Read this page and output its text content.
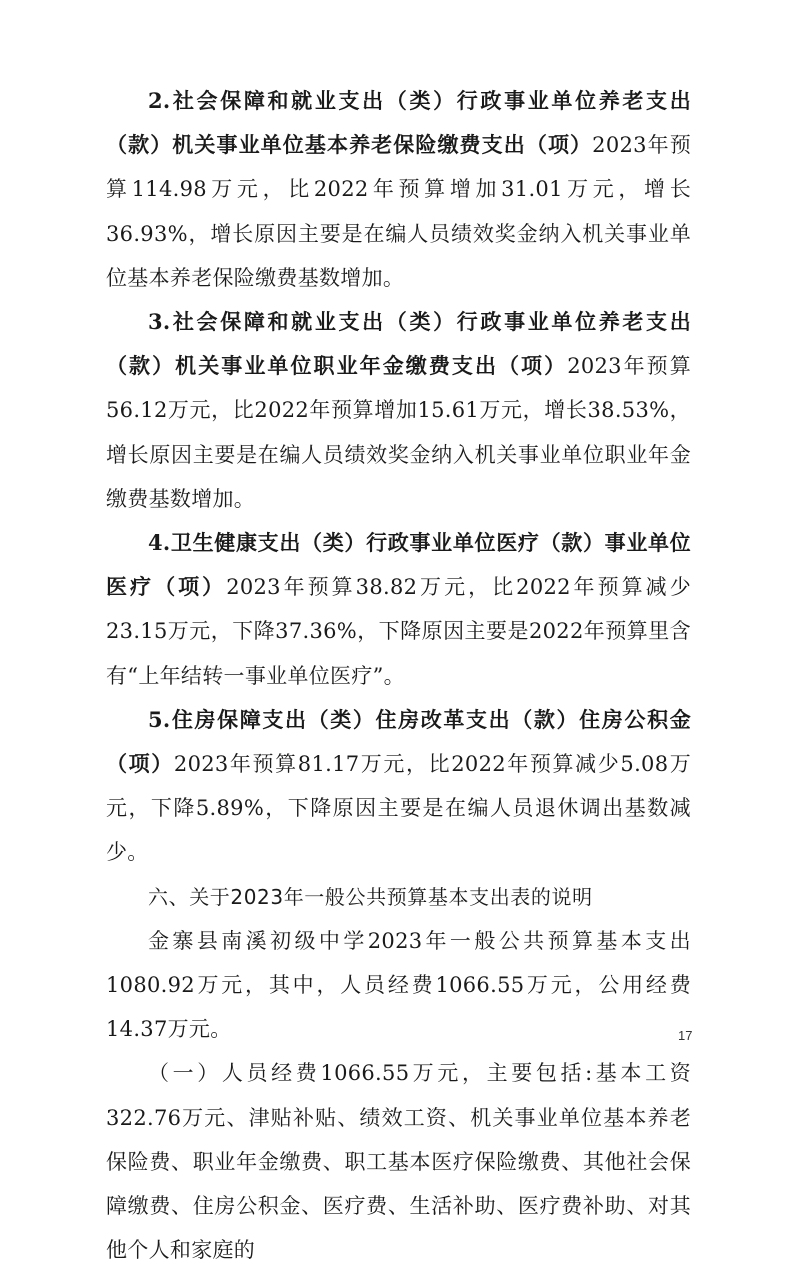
2.社会保障和就业支出（类）行政事业单位养老支出（款）机关事业单位基本养老保险缴费支出（项）2023年预算114.98万元，比2022年预算增加31.01万元，增长36.93%，增长原因主要是在编人员绩效奖金纳入机关事业单位基本养老保险缴费基数增加。

3.社会保障和就业支出（类）行政事业单位养老支出（款）机关事业单位职业年金缴费支出（项）2023年预算56.12万元，比2022年预算增加15.61万元，增长38.53%，增长原因主要是在编人员绩效奖金纳入机关事业单位职业年金缴费基数增加。

4.卫生健康支出（类）行政事业单位医疗（款）事业单位医疗（项）2023年预算38.82万元，比2022年预算减少23.15万元，下降37.36%，下降原因主要是2022年预算里含有“上年结转一事业单位医疗”。

5.住房保障支出（类）住房改革支出（款）住房公积金（项）2023年预算81.17万元，比2022年预算减少5.08万元，下降5.89%，下降原因主要是在编人员退休调出基数减少。

六、关于2023年一般公共预算基本支出表的说明

金寨县南溪初级中学2023年一般公共预算基本支出1080.92万元，其中，人员经费1066.55万元，公用经费14.37万元。

（一）人员经费1066.55万元，主要包括:基本工资322.76万元、津贴补贴、绩效工资、机关事业单位基本养老保险费、职业年金缴费、职工基本医疗保险缴费、其他社会保障缴费、住房公积金、医疗费、生活补助、医疗费补助、对其他个人和家庭的

17
